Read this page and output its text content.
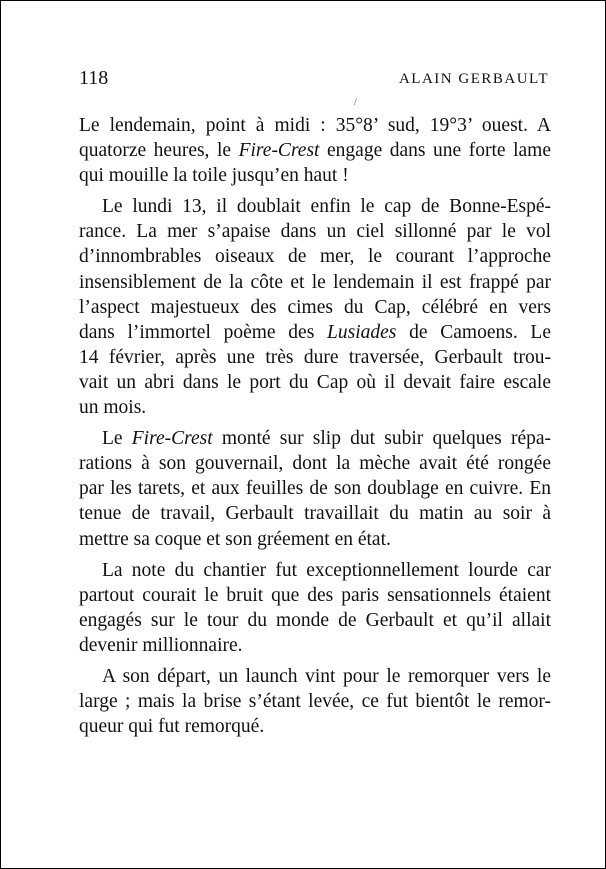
118	ALAIN GERBAULT
/
Le lendemain, point à midi : 35°8’ sud, 19°3’ ouest. A
quatorze heures, le Fire-Crest engage dans une forte lame
qui mouille la toile jusqu’en haut !
Le lundi 13, il doublait enfin le cap de Bonne-Espé-
rance. La mer s’apaise dans un ciel sillonné par le vol
d’innombrables oiseaux de mer, le courant l’approche
insensiblement de la côte et le lendemain il est frappé par
l’aspect majestueux des cimes du Cap, célébré en vers
dans l’immortel poème des Lusiades de Camoens. Le
14 février, après une très dure traversée, Gerbault trou-
vait un abri dans le port du Cap où il devait faire escale
un mois.
Le Fire-Crest monté sur slip dut subir quelques répa-
rations à son gouvernail, dont la mèche avait été rongée
par les tarets, et aux feuilles de son doublage en cuivre. En
tenue de travail, Gerbault travaillait du matin au soir à
mettre sa coque et son gréement en état.
La note du chantier fut exceptionnellement lourde car
partout courait le bruit que des paris sensationnels étaient
engagés sur le tour du monde de Gerbault et qu’il allait
devenir millionnaire.
A son départ, un launch vint pour le remorquer vers le
large ; mais la brise s’étant levée, ce fut bientôt le remor-
queur qui fut remorqué.
